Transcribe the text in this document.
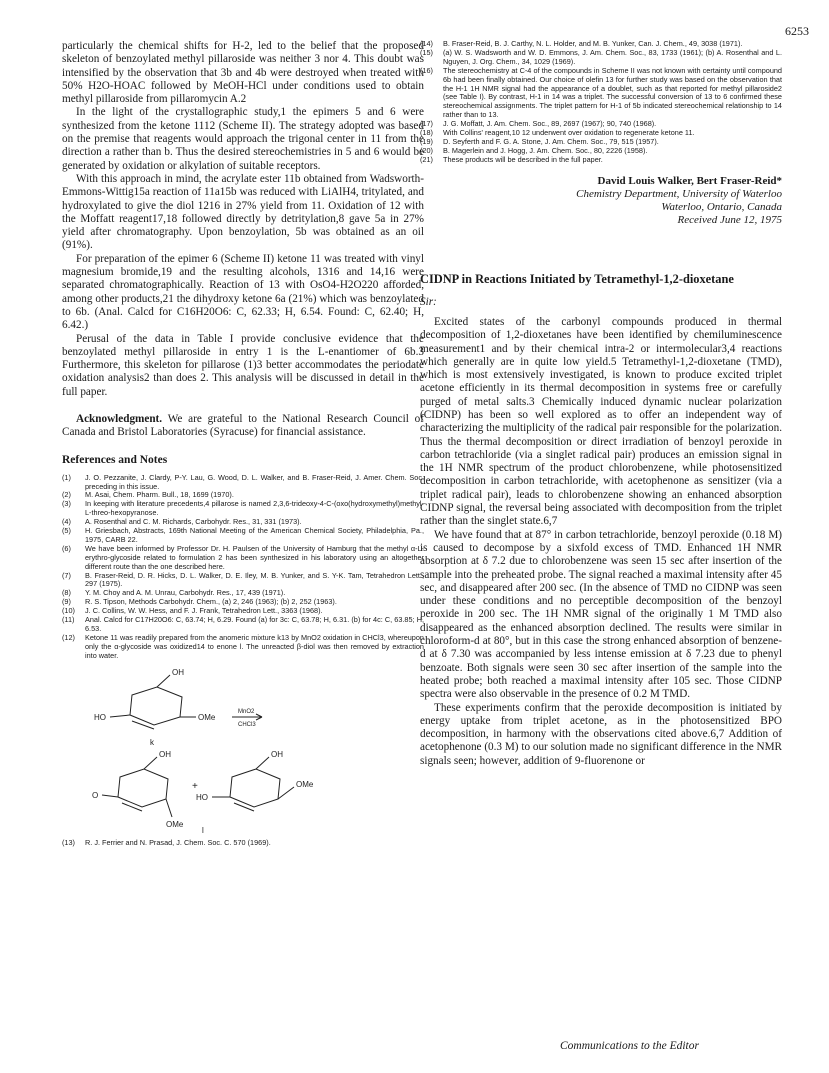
6253

particularly the chemical shifts for H-2, led to the belief that the proposed skeleton of benzoylated methyl pillaroside was neither 3 nor 4. This doubt was intensified by the observation that 3b and 4b were destroyed when treated with 50% H2O-HOAC followed by MeOH-HCl under conditions used to obtain methyl pillaroside from pillaromycin A.2

In the light of the crystallographic study,1 the epimers 5 and 6 were synthesized from the ketone 1112 (Scheme II). The strategy adopted was based on the premise that reagents would approach the trigonal center in 11 from the direction a rather than b. Thus the desired stereochemistries in 5 and 6 would be generated by oxidation or alkylation of suitable receptors.

With this approach in mind, the acrylate ester 11b obtained from Wadsworth-Emmons-Wittig15a reaction of 11a15b was reduced with LiAlH4, tritylated, and hydroxylated to give the diol 1216 in 27% yield from 11. Oxidation of 12 with the Moffatt reagent17,18 followed directly by detritylation,8 gave 5a in 27% yield after chromatography. Upon benzoylation, 5b was obtained as an oil (91%).

For preparation of the epimer 6 (Scheme II) ketone 11 was treated with vinyl magnesium bromide,19 and the resulting alcohols, 1316 and 14,16 were separated chromatographically. Reaction of 13 with OsO4-H2O220 afforded, among other products,21 the dihydroxy ketone 6a (21%) which was benzoylated to 6b. (Anal. Calcd for C16H20O6: C, 62.33; H, 6.54. Found: C, 62.40; H, 6.42.)

Perusal of the data in Table I provide conclusive evidence that the benzoylated methyl pillaroside in entry 1 is the L-enantiomer of 6b.3 Furthermore, this skeleton for pillarose (1)3 better accommodates the periodate oxidation analysis2 than does 2. This analysis will be discussed in detail in the full paper.

Acknowledgment. We are grateful to the National Research Council of Canada and Bristol Laboratories (Syracuse) for financial assistance.

References and Notes

(1)	J. O. Pezzanite, J. Clardy, P-Y. Lau, G. Wood, D. L. Walker, and B. Fraser-Reid, J. Amer. Chem. Soc. preceding in this issue.
(2)	M. Asai, Chem. Pharm. Bull., 18, 1699 (1970).
(3)	In keeping with literature precedents,4 pillarose is named 2,3,6-trideoxy-4-C-(oxo(hydroxymethyl)methyl-L-threo-hexopyranose.
(4)	A. Rosenthal and C. M. Richards, Carbohydr. Res., 31, 331 (1973).
(5)	H. Griesbach, Abstracts, 169th National Meeting of the American Chemical Society, Philadelphia, Pa., 1975, CARB 22.
(6)	We have been informed by Professor Dr. H. Paulsen of the University of Hamburg that the methyl α-L-erythro-glycoside related to formulation 2 has been synthesized in his laboratory using an altogether different route than the one described here.
(7)	B. Fraser-Reid, D. R. Hicks, D. L. Walker, D. E. Iley, M. B. Yunker, and S. Y-K. Tam, Tetrahedron Lett., 297 (1975).
(8)	Y. M. Choy and A. M. Unrau, Carbohydr. Res., 17, 439 (1971).
(9)	R. S. Tipson, Methods Carbohydr. Chem., (a) 2, 246 (1963); (b) 2, 252 (1963).
(10)	J. C. Collins, W. W. Hess, and F. J. Frank, Tetrahedron Lett., 3363 (1968).
(11)	Anal. Calcd for C17H20O6: C, 63.74; H, 6.29. Found (a) for 3c: C, 63.78; H, 6.31. (b) for 4c: C, 63.85; H, 6.53.
(12)	Ketone 11 was readily prepared from the anomeric mixture k13 by MnO2 oxidation in CHCl3, whereupon only the α-glycoside was oxidized14 to enone l. The unreacted β-diol was then removed by extraction into water.
OH
HO	OMe
MnO2
CHCl3
k
OH
O
OMe
+
OH
HO
OMe
l
(13)	R. J. Ferrier and N. Prasad, J. Chem. Soc. C. 570 (1969).
(14)	B. Fraser-Reid, B. J. Carthy, N. L. Holder, and M. B. Yunker, Can. J. Chem., 49, 3038 (1971).
(15)	(a) W. S. Wadsworth and W. D. Emmons, J. Am. Chem. Soc., 83, 1733 (1961); (b) A. Rosenthal and L. Nguyen, J. Org. Chem., 34, 1029 (1969).
(16)	The stereochemistry at C-4 of the compounds in Scheme II was not known with certainty until compound 6b had been finally obtained. Our choice of olefin 13 for further study was based on the observation that the H-1 1H NMR signal had the appearance of a doublet, such as that reported for methyl pillaroside2 (see Table I). By contrast, H-1 in 14 was a triplet. The successful conversion of 13 to 6 confirmed these stereochemical assignments. The triplet pattern for H-1 of 5b indicated stereochemical relationship to 14 rather than to 13.
(17)	J. G. Moffatt, J. Am. Chem. Soc., 89, 2697 (1967); 90, 740 (1968).
(18)	With Collins' reagent,10 12 underwent over oxidation to regenerate ketone 11.
(19)	D. Seyferth and F. G. A. Stone, J. Am. Chem. Soc., 79, 515 (1957).
(20)	B. Magerlein and J. Hogg, J. Am. Chem. Soc., 80, 2226 (1958).
(21)	These products will be described in the full paper.
David Louis Walker, Bert Fraser-Reid*
Chemistry Department, University of Waterloo
Waterloo, Ontario, Canada
Received June 12, 1975
CIDNP in Reactions Initiated by Tetramethyl-1,2-dioxetane
Sir:

Excited states of the carbonyl compounds produced in thermal decomposition of 1,2-dioxetanes have been identified by chemiluminescence measurement1 and by their chemical intra-2 or intermolecular3,4 reactions which generally are in quite low yield.5 Tetramethyl-1,2-dioxetane (TMD), which is most extensively investigated, is known to produce excited triplet acetone efficiently in its thermal decomposition in systems free or carefully purged of metal salts.3 Chemically induced dynamic nuclear polarization (CIDNP) has been so well explored as to offer an independent way of characterizing the multiplicity of the radical pair responsible for the polarization. Thus the thermal decomposition or direct irradiation of benzoyl peroxide in carbon tetrachloride (via a singlet radical pair) produces an emission signal in the 1H NMR spectrum of the product chlorobenzene, while photosensitized decomposition in carbon tetrachloride, with acetophenone as sensitizer (via a triplet radical pair), leads to chlorobenzene showing an enhanced absorption CIDNP signal, the reversal being associated with decomposition from the triplet rather than the singlet state.6,7

We have found that at 87° in carbon tetrachloride, benzoyl peroxide (0.18 M) is caused to decompose by a sixfold excess of TMD. Enhanced 1H NMR absorption at δ 7.2 due to chlorobenzene was seen 15 sec after insertion of the sample into the preheated probe. The signal reached a maximal intensity after 45 sec, and disappeared after 200 sec. (In the absence of TMD no CIDNP was seen under these conditions and no perceptible decomposition of the benzoyl peroxide in 200 sec. The 1H NMR signal of the originally 1 M TMD also disappeared as the enhanced absorption declined. The results were similar in chloroform-d at 80°, but in this case the strong enhanced absorption of benzene-d at δ 7.30 was accompanied by less intense emission at δ 7.23 due to phenyl benzoate. Both signals were seen 30 sec after insertion of the sample into the heated probe; both reached a maximal intensity after 105 sec. Those CIDNP spectra were also observable in the presence of 0.2 M TMD.

These experiments confirm that the peroxide decomposition is initiated by energy uptake from triplet acetone, as in the photosensitized BPO decomposition, in harmony with the observations cited above.6,7 Addition of acetophenone (0.3 M) to our solution made no significant difference in the NMR signals seen; however, addition of 9-fluorenone or

Communications to the Editor
